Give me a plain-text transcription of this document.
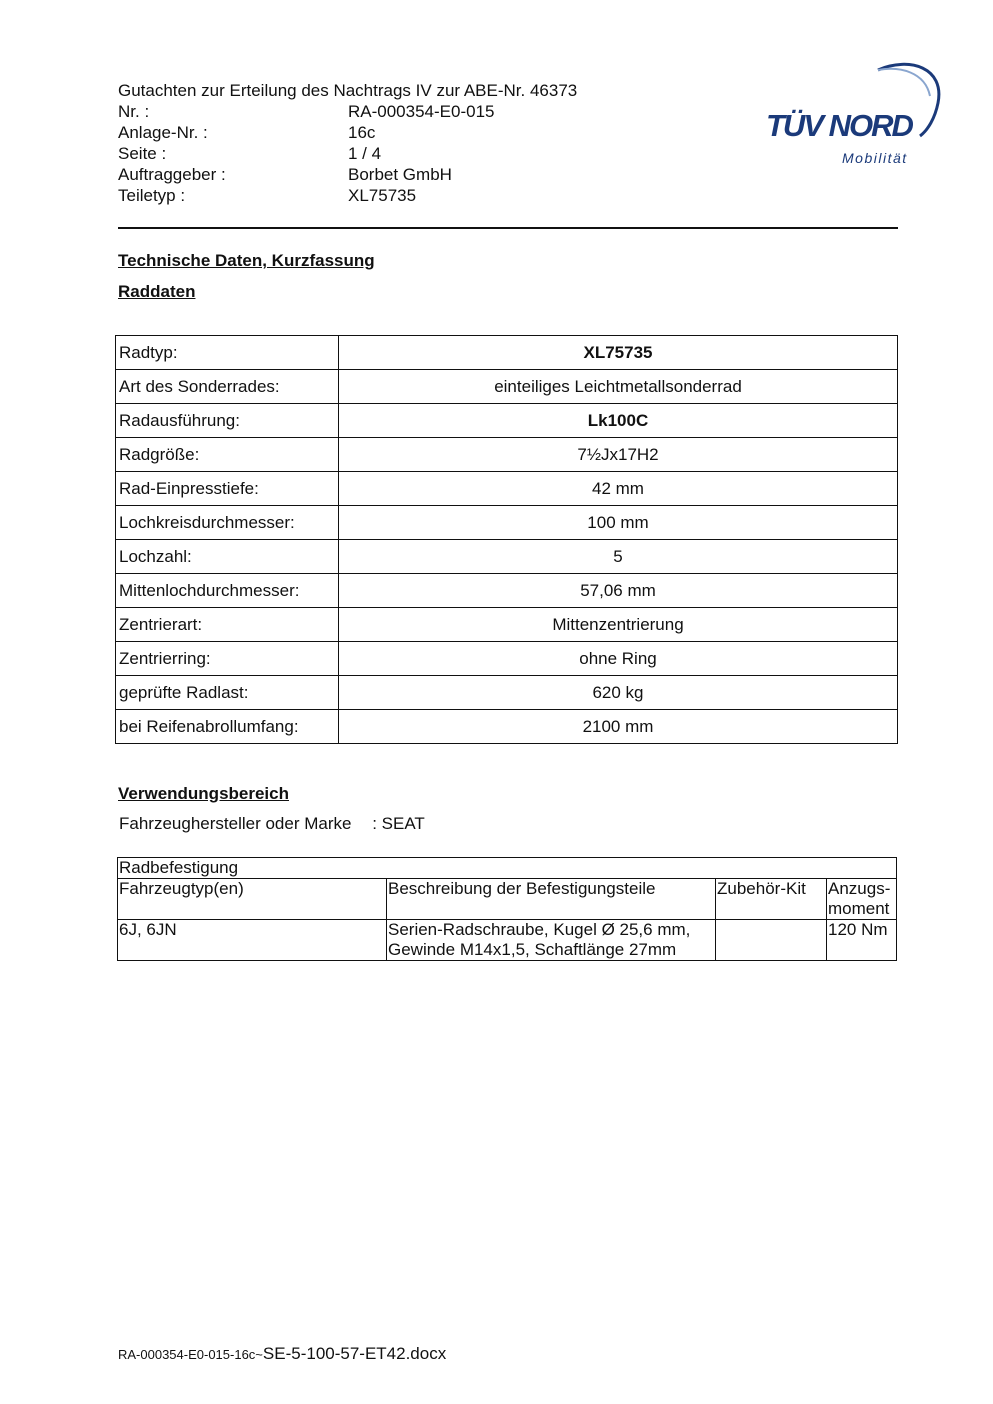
Gutachten zur Erteilung des Nachtrags IV zur ABE-Nr. 46373
Nr. :	RA-000354-E0-015
Anlage-Nr. :	16c
Seite :	1 / 4
Auftraggeber :	Borbet GmbH
Teiletyp :	XL75735
TÜV NORD
Mobilität
Technische Daten, Kurzfassung
Raddaten
Radtyp:	XL75735
Art des Sonderrades:	einteiliges Leichtmetallsonderrad
Radausführung:	Lk100C
Radgröße:	7½Jx17H2
Rad-Einpresstiefe:	42 mm
Lochkreisdurchmesser:	100 mm
Lochzahl:	5
Mittenlochdurchmesser:	57,06 mm
Zentrierart:	Mittenzentrierung
Zentrierring:	ohne Ring
geprüfte Radlast:	620 kg
bei Reifenabrollumfang:	2100 mm
Verwendungsbereich
Fahrzeughersteller oder Marke : SEAT
Radbefestigung			
Fahrzeugtyp(en)	Beschreibung der Befestigungsteile	Zubehör-Kit	Anzugs-
moment

6J, 6JN	Serien-Radschraube, Kugel Ø 25,6 mm,
Gewinde M14x1,5, Schaftlänge 27mm		120 Nm
RA-000354-E0-015-16c~SE-5-100-57-ET42.docx
